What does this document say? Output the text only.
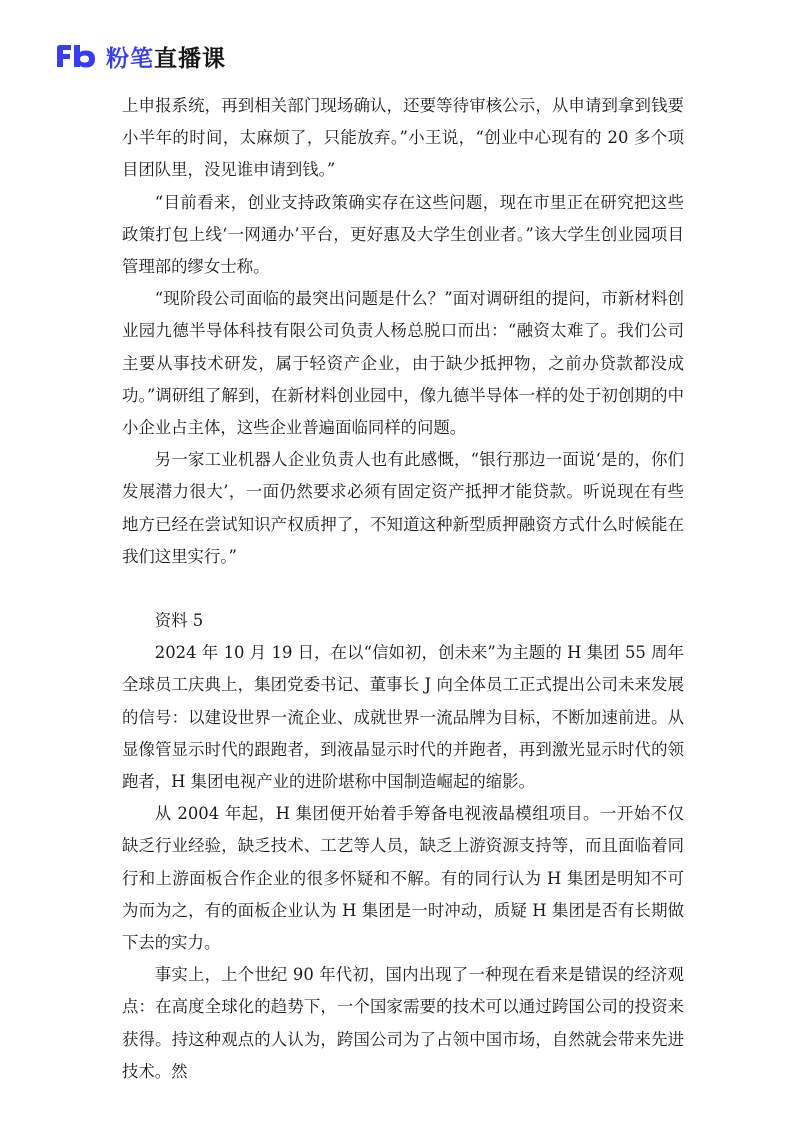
粉笔直播课

上申报系统，再到相关部门现场确认，还要等待审核公示，从申请到拿到钱要小半年的时间，太麻烦了，只能放弃。”小王说，“创业中心现有的 20 多个项目团队里，没见谁申请到钱。”

“目前看来，创业支持政策确实存在这些问题，现在市里正在研究把这些政策打包上线‘一网通办’平台，更好惠及大学生创业者。”该大学生创业园项目管理部的缪女士称。

“现阶段公司面临的最突出问题是什么？”面对调研组的提问，市新材料创业园九德半导体科技有限公司负责人杨总脱口而出：“融资太难了。我们公司主要从事技术研发，属于轻资产企业，由于缺少抵押物，之前办贷款都没成功。”调研组了解到，在新材料创业园中，像九德半导体一样的处于初创期的中小企业占主体，这些企业普遍面临同样的问题。

另一家工业机器人企业负责人也有此感慨，“银行那边一面说‘是的，你们发展潜力很大’，一面仍然要求必须有固定资产抵押才能贷款。听说现在有些地方已经在尝试知识产权质押了，不知道这种新型质押融资方式什么时候能在我们这里实行。”

资料 5

2024 年 10 月 19 日，在以“信如初，创未来”为主题的 H 集团 55 周年全球员工庆典上，集团党委书记、董事长 J 向全体员工正式提出公司未来发展的信号：以建设世界一流企业、成就世界一流品牌为目标，不断加速前进。从显像管显示时代的跟跑者，到液晶显示时代的并跑者，再到激光显示时代的领跑者，H 集团电视产业的进阶堪称中国制造崛起的缩影。

从 2004 年起，H 集团便开始着手筹备电视液晶模组项目。一开始不仅缺乏行业经验，缺乏技术、工艺等人员，缺乏上游资源支持等，而且面临着同行和上游面板合作企业的很多怀疑和不解。有的同行认为 H 集团是明知不可为而为之，有的面板企业认为 H 集团是一时冲动，质疑 H 集团是否有长期做下去的实力。

事实上，上个世纪 90 年代初，国内出现了一种现在看来是错误的经济观点：在高度全球化的趋势下，一个国家需要的技术可以通过跨国公司的投资来获得。持这种观点的人认为，跨国公司为了占领中国市场，自然就会带来先进技术。然
